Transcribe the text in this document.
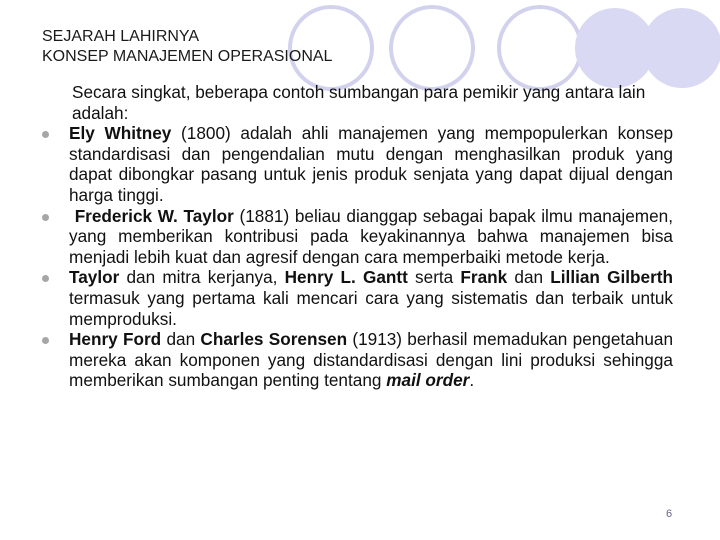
SEJARAH LAHIRNYA
KONSEP MANAJEMEN OPERASIONAL

Secara singkat, beberapa contoh sumbangan para pemikir yang antara lain adalah:

Ely Whitney (1800) adalah ahli manajemen yang mempopulerkan konsep standardisasi dan pengendalian mutu dengan menghasilkan produk yang dapat dibongkar pasang untuk jenis produk senjata yang dapat dijual dengan harga tinggi.

Frederick W. Taylor (1881) beliau dianggap sebagai bapak ilmu manajemen, yang memberikan kontribusi pada keyakinannya bahwa manajemen bisa menjadi lebih kuat dan agresif dengan cara memperbaiki metode kerja.

Taylor dan mitra kerjanya, Henry L. Gantt serta Frank dan Lillian Gilberth termasuk yang pertama kali mencari cara yang sistematis dan terbaik untuk memproduksi.

Henry Ford dan Charles Sorensen (1913) berhasil memadukan pengetahuan mereka akan komponen yang distandardisasi dengan lini produksi sehingga memberikan sumbangan penting tentang mail order.

6
